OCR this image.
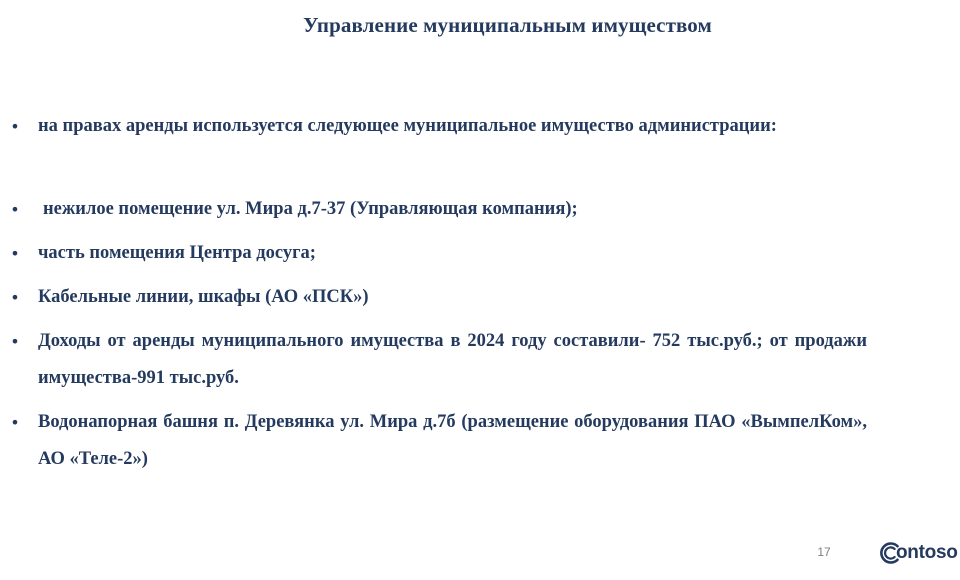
Управление муниципальным имуществом
• на правах аренды используется следующее муниципальное имущество администрации:

• нежилое помещение ул. Мира д.7-37 (Управляющая компания);

• часть помещения Центра досуга;

• Кабельные линии, шкафы (АО «ПСК»)

• Доходы от аренды муниципального имущества в 2024 году составили- 752 тыс.руб.; от продажи имущества-991 тыс.руб.

• Водонапорная башня п. Деревянка ул. Мира д.7б (размещение оборудования ПАО «ВымпелКом», АО «Теле-2»)

17	ontoso
